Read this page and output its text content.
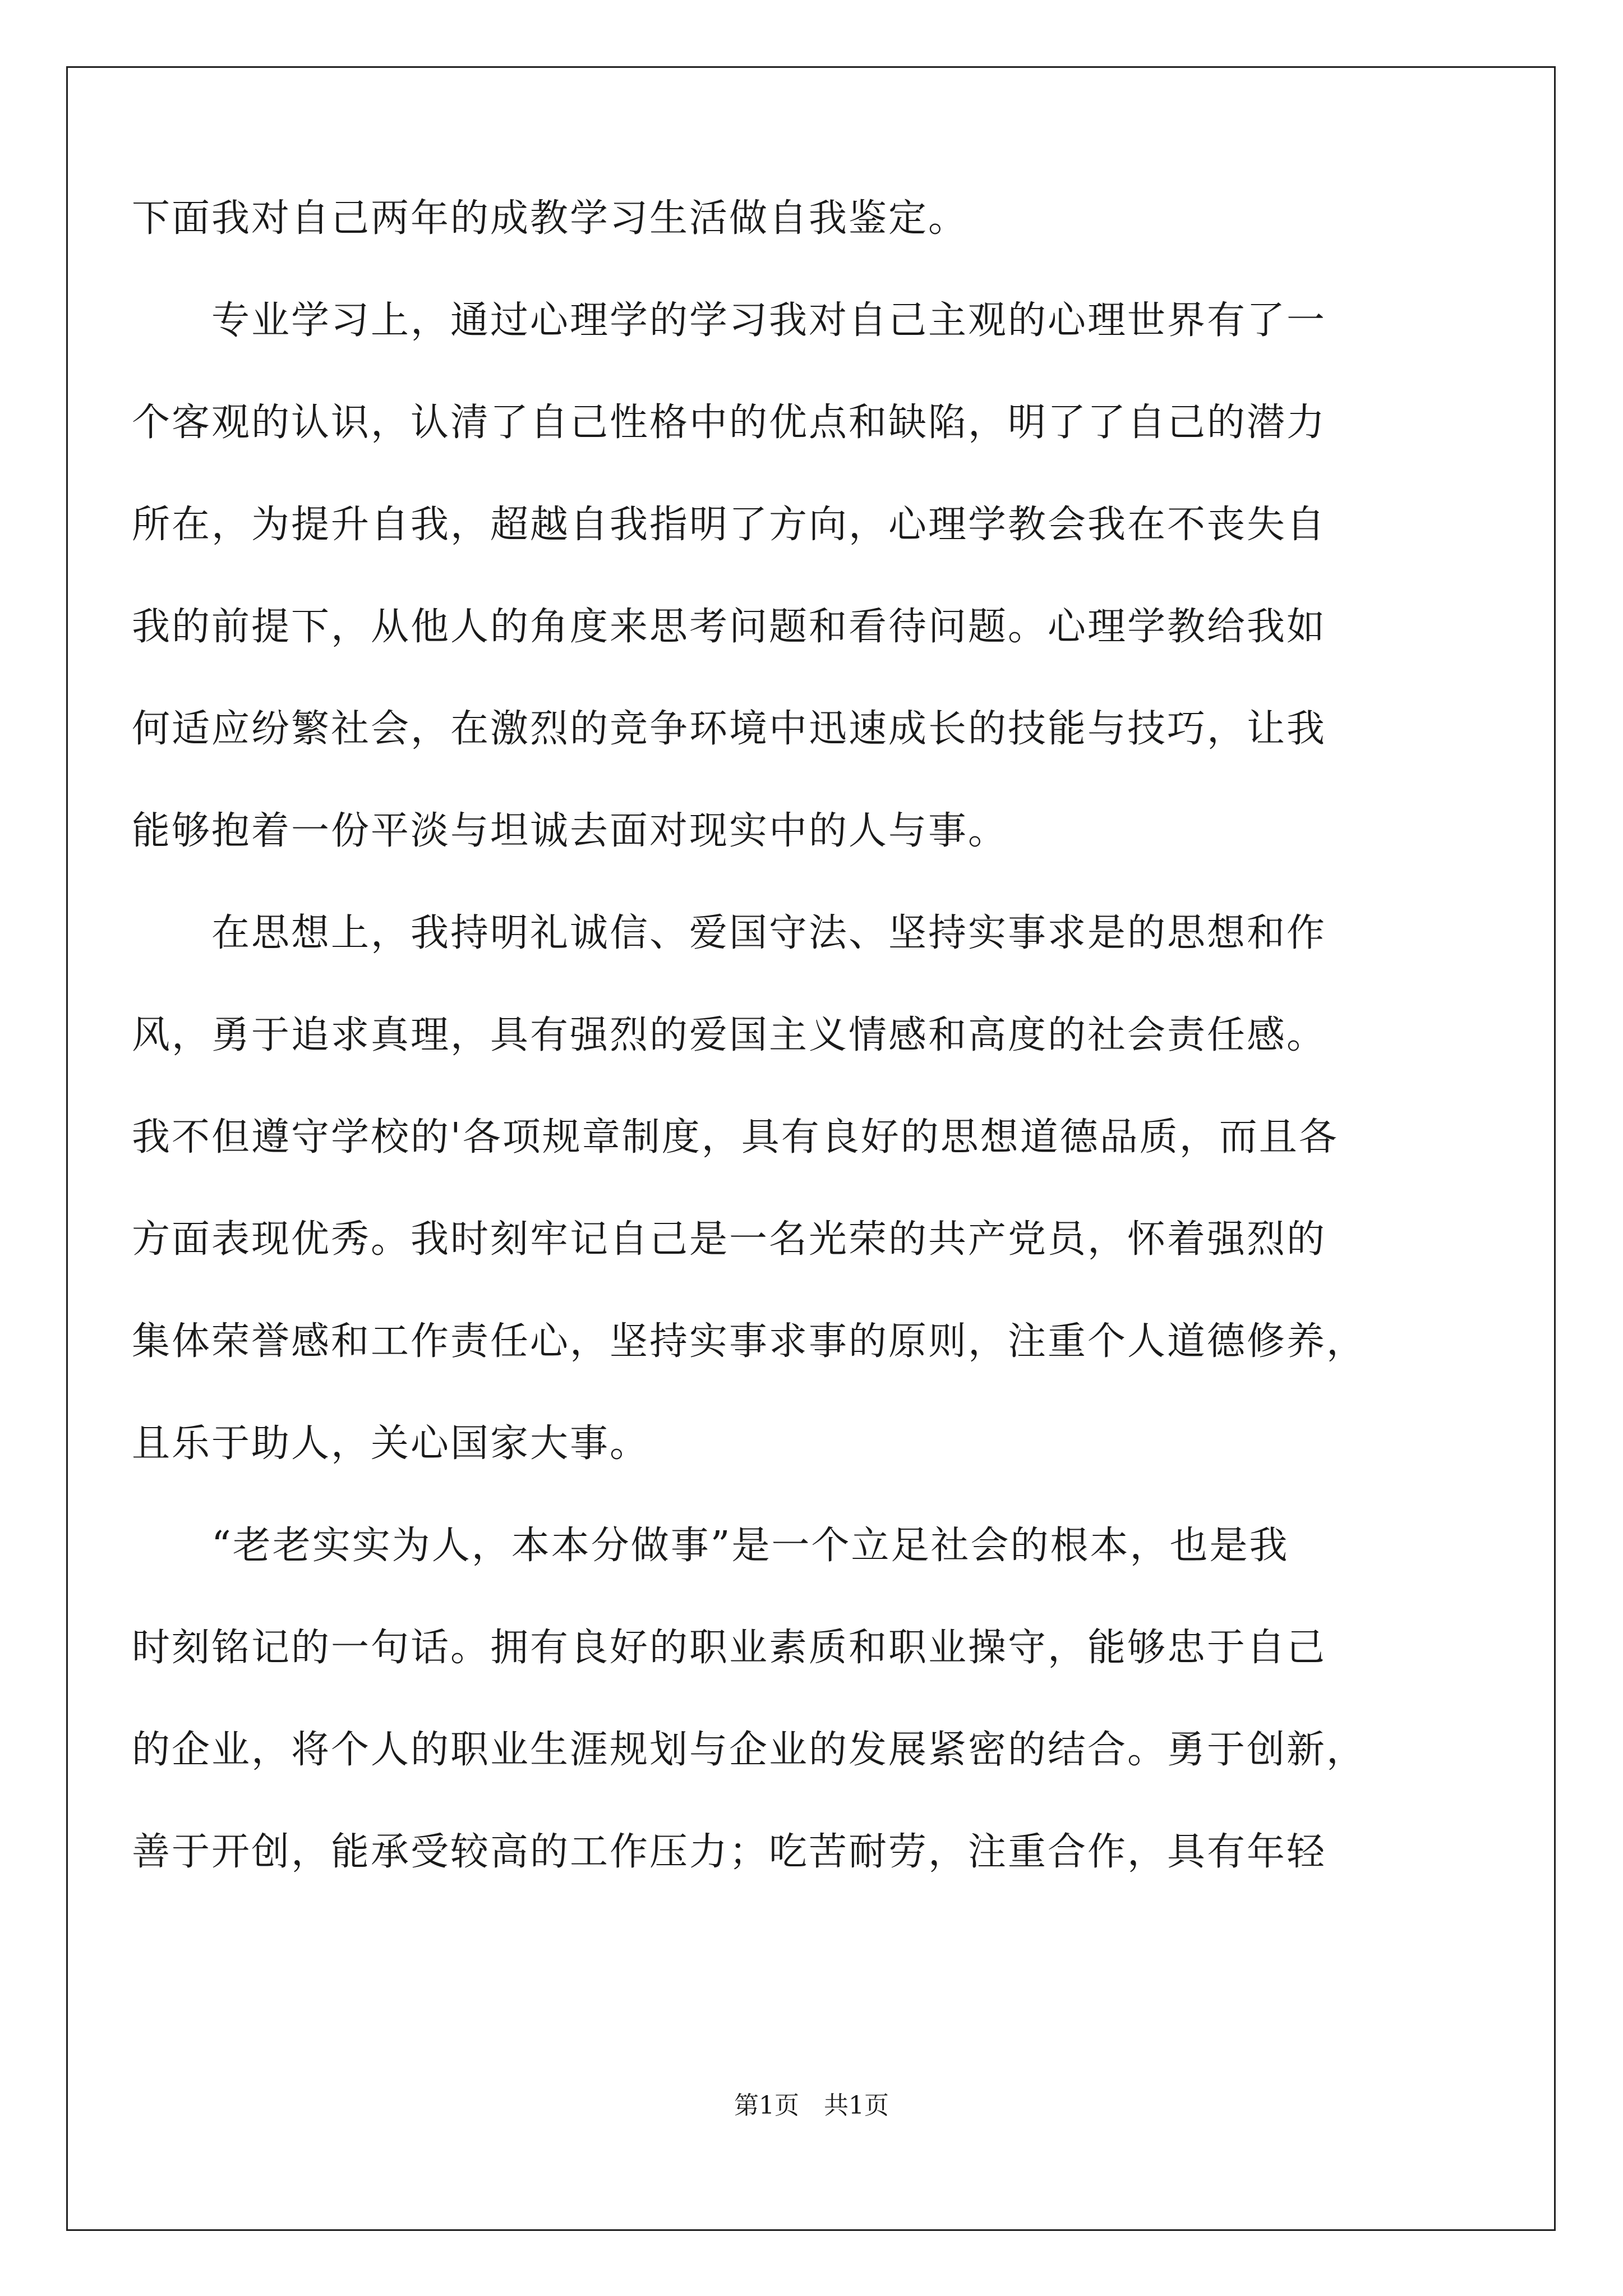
下面我对自己两年的成教学习生活做自我鉴定。
　　专业学习上，通过心理学的学习我对自己主观的心理世界有了一
个客观的认识，认清了自己性格中的优点和缺陷，明了了自己的潜力
所在，为提升自我，超越自我指明了方向，心理学教会我在不丧失自
我的前提下，从他人的角度来思考问题和看待问题。心理学教给我如
何适应纷繁社会，在激烈的竞争环境中迅速成长的技能与技巧，让我
能够抱着一份平淡与坦诚去面对现实中的人与事。
　　在思想上，我持明礼诚信、爱国守法、坚持实事求是的思想和作
风，勇于追求真理，具有强烈的爱国主义情感和高度的社会责任感。
我不但遵守学校的'各项规章制度，具有良好的思想道德品质，而且各
方面表现优秀。我时刻牢记自己是一名光荣的共产党员，怀着强烈的
集体荣誉感和工作责任心，坚持实事求事的原则，注重个人道德修养，
且乐于助人，关心国家大事。
　　“老老实实为人，本本分做事”是一个立足社会的根本，也是我
时刻铭记的一句话。拥有良好的职业素质和职业操守，能够忠于自己
的企业，将个人的职业生涯规划与企业的发展紧密的结合。勇于创新，
善于开创，能承受较高的工作压力；吃苦耐劳，注重合作，具有年轻
第1页　共1页
